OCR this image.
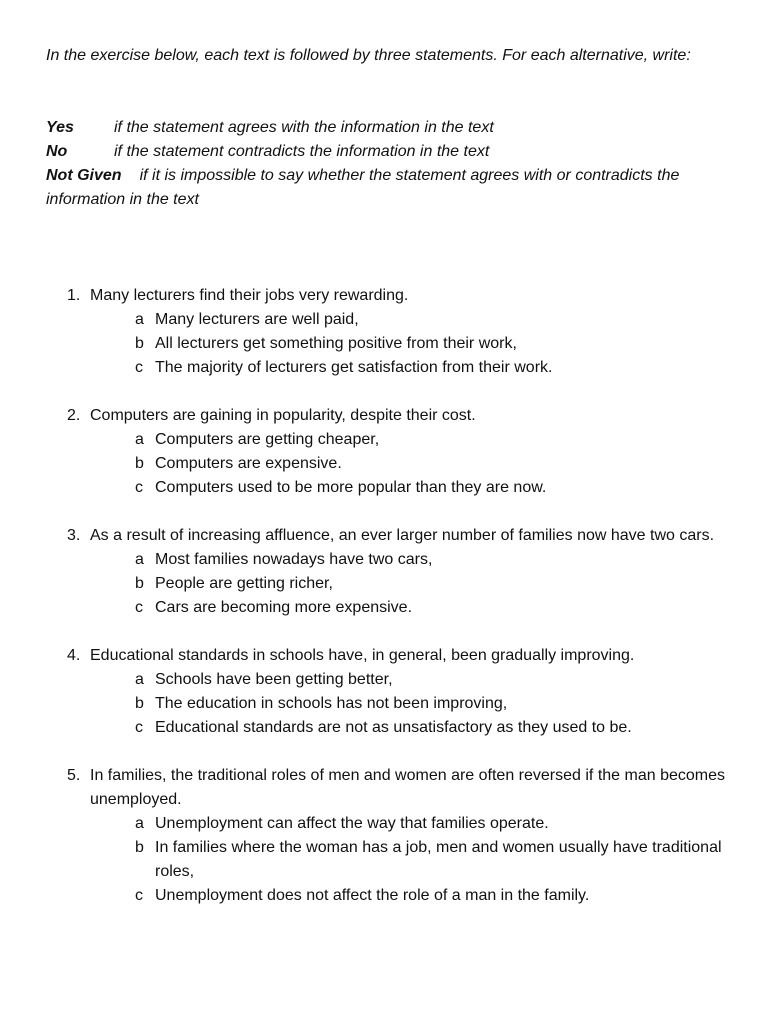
In the exercise below, each text is followed by three statements. For each alternative, write:

Yes	if the statement agrees with the information in the text

No	if the statement contradicts the information in the text

Not Given if it is impossible to say whether the statement agrees with or contradicts the information in the text

1. Many lecturers find their jobs very rewarding.
a Many lecturers are well paid,
b All lecturers get something positive from their work,
c The majority of lecturers get satisfaction from their work.
2. Computers are gaining in popularity, despite their cost.
a Computers are getting cheaper,
b Computers are expensive.
c Computers used to be more popular than they are now.
3. As a result of increasing affluence, an ever larger number of families now have two cars.
a Most families nowadays have two cars,
b People are getting richer,
c Cars are becoming more expensive.
4. Educational standards in schools have, in general, been gradually improving.
a Schools have been getting better,
b The education in schools has not been improving,
c Educational standards are not as unsatisfactory as they used to be.
5. In families, the traditional roles of men and women are often reversed if the man becomes unemployed.
a Unemployment can affect the way that families operate.
b In families where the woman has a job, men and women usually have traditional roles,
c Unemployment does not affect the role of a man in the family.
